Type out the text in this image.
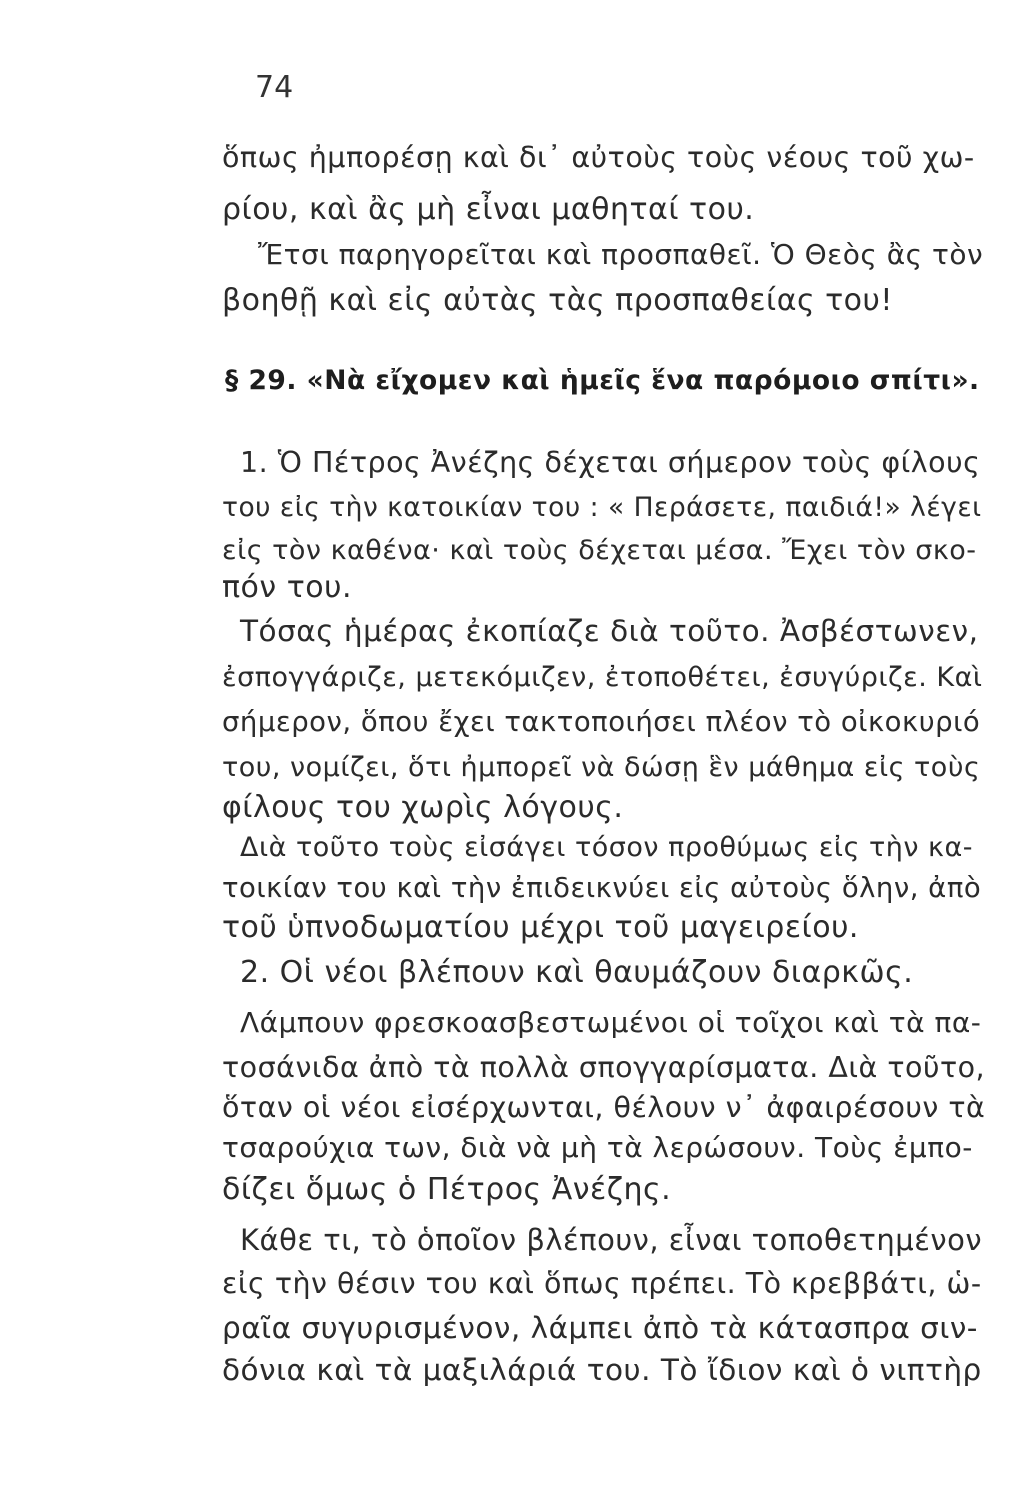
74
ὅπως ἠμπορέσῃ καὶ δι᾽ αὐτοὺς τοὺς νέους τοῦ χω-
ρίου, καὶ ἂς μὴ εἶναι μαθηταί του.
Ἔτσι παρηγορεῖται καὶ προσπαθεῖ. Ὁ Θεὸς ἂς τὸν
βοηθῇ καὶ εἰς αὐτὰς τὰς προσπαθείας του!
§ 29. «Νὰ εἴχομεν καὶ ἡμεῖς ἕνα παρόμοιο σπίτι».
1. Ὁ Πέτρος Ἀνέζης δέχεται σήμερον τοὺς φίλους
του εἰς τὴν κατοικίαν του : « Περάσετε, παιδιά!» λέγει
εἰς τὸν καθένα· καὶ τοὺς δέχεται μέσα. Ἔχει τὸν σκο-
πόν του.
Τόσας ἡμέρας ἐκοπίαζε διὰ τοῦτο. Ἀσβέστωνεν,
ἐσπογγάριζε, μετεκόμιζεν, ἐτοποθέτει, ἐσυγύριζε. Καὶ
σήμερον, ὅπου ἔχει τακτοποιήσει πλέον τὸ οἰκοκυριό
του, νομίζει, ὅτι ἠμπορεῖ νὰ δώσῃ ἓν μάθημα εἰς τοὺς
φίλους του χωρὶς λόγους.
Διὰ τοῦτο τοὺς εἰσάγει τόσον προθύμως εἰς τὴν κα-
τοικίαν του καὶ τὴν ἐπιδεικνύει εἰς αὐτοὺς ὅλην, ἀπὸ
τοῦ ὑπνοδωματίου μέχρι τοῦ μαγειρείου.
2. Οἱ νέοι βλέπουν καὶ θαυμάζουν διαρκῶς.
Λάμπουν φρεσκοασβεστωμένοι οἱ τοῖχοι καὶ τὰ πα-
τοσάνιδα ἀπὸ τὰ πολλὰ σπογγαρίσματα. Διὰ τοῦτο,
ὅταν οἱ νέοι εἰσέρχωνται, θέλουν ν᾽ ἀφαιρέσουν τὰ
τσαρούχια των, διὰ νὰ μὴ τὰ λερώσουν. Τοὺς ἐμπο-
δίζει ὅμως ὁ Πέτρος Ἀνέζης.
Κάθε τι, τὸ ὁποῖον βλέπουν, εἶναι τοποθετημένον
εἰς τὴν θέσιν του καὶ ὅπως πρέπει. Τὸ κρεββάτι, ὡ-
ραῖα συγυρισμένον, λάμπει ἀπὸ τὰ κάτασπρα σιν-
δόνια καὶ τὰ μαξιλάριά του. Τὸ ἴδιον καὶ ὁ νιπτὴρ
